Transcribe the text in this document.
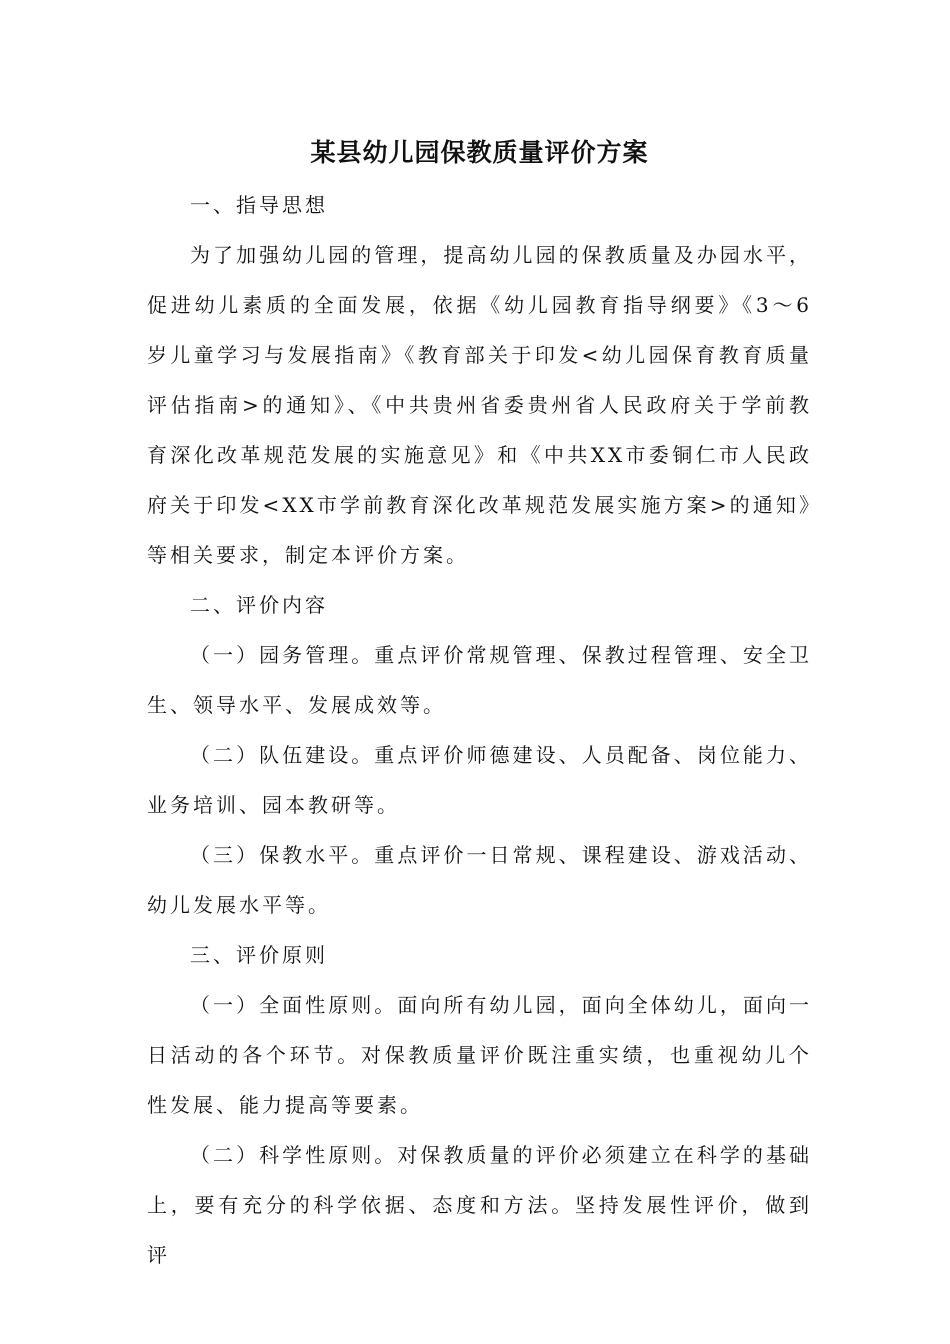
某县幼儿园保教质量评价方案

一、指导思想

为了加强幼儿园的管理，提高幼儿园的保教质量及办园水平，促进幼儿素质的全面发展，依据《幼儿园教育指导纲要》《3～6岁儿童学习与发展指南》《教育部关于印发<幼儿园保育教育质量评估指南>的通知》、《中共贵州省委贵州省人民政府关于学前教育深化改革规范发展的实施意见》和《中共XX市委铜仁市人民政府关于印发<XX市学前教育深化改革规范发展实施方案>的通知》等相关要求，制定本评价方案。

二、评价内容

（一）园务管理。重点评价常规管理、保教过程管理、安全卫生、领导水平、发展成效等。

（二）队伍建设。重点评价师德建设、人员配备、岗位能力、业务培训、园本教研等。

（三）保教水平。重点评价一日常规、课程建设、游戏活动、幼儿发展水平等。

三、评价原则

（一）全面性原则。面向所有幼儿园，面向全体幼儿，面向一日活动的各个环节。对保教质量评价既注重实绩，也重视幼儿个性发展、能力提高等要素。

（二）科学性原则。对保教质量的评价必须建立在科学的基础上，要有充分的科学依据、态度和方法。坚持发展性评价，做到评
